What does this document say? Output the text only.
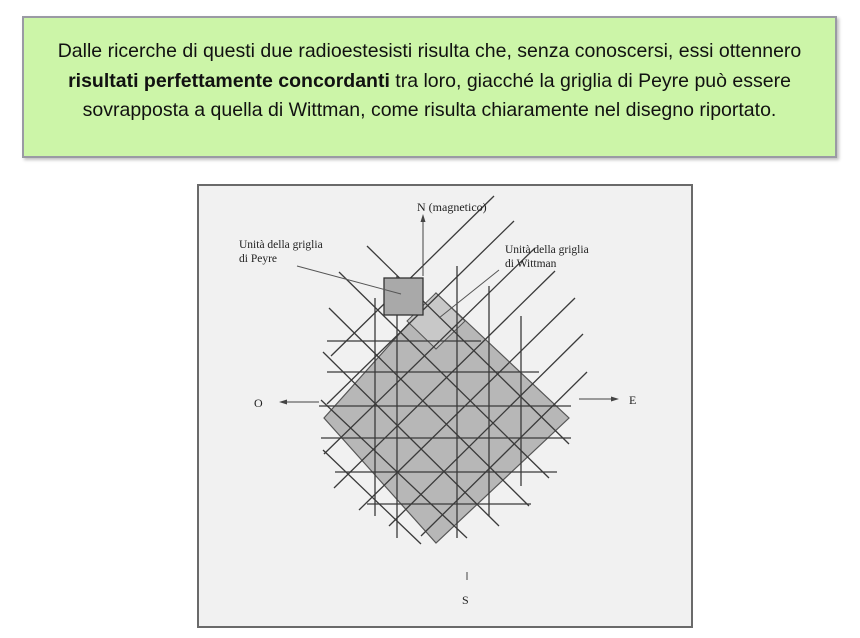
Dalle ricerche di questi due radioestesisti risulta che, senza conoscersi, essi ottennero risultati perfettamente concordanti tra loro, giacché la griglia di Peyre può essere sovrapposta a quella di Wittman, come risulta chiaramente nel disegno riportato.
N (magnetico)
S
E
O
Unità della griglia
di Peyre
Unità della griglia
di Wittman
